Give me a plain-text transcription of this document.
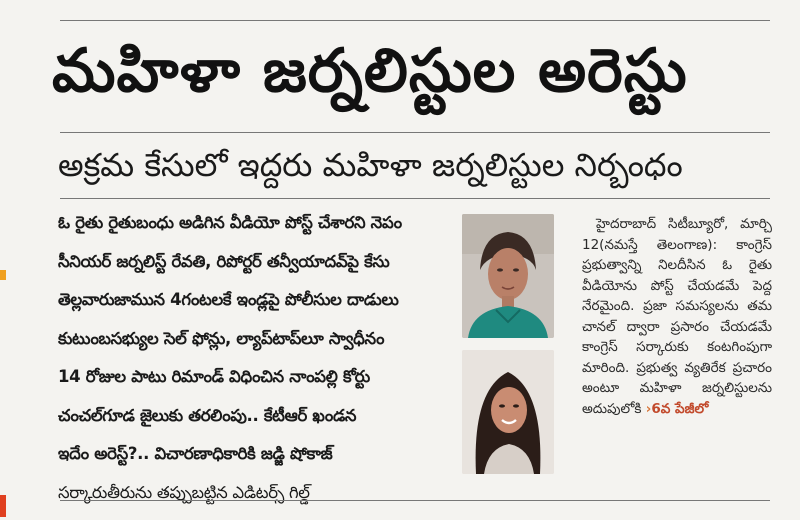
మహిళా జర్నలిస్టుల అరెస్టు
అక్రమ కేసులో ఇద్దరు మహిళా జర్నలిస్టుల నిర్బంధం
ఓ రైతు రైతుబంధు అడిగిన వీడియో పోస్ట్ చేశారని నెపం
సీనియర్ జర్నలిస్ట్ రేవతి, రిపోర్టర్ తన్వీయాదవ్‌పై కేసు
తెల్లవారుజామున 4గంటలకే ఇండ్లపై పోలీసుల దాడులు
కుటుంబసభ్యుల సెల్ ఫోన్లు, ల్యాప్‌టాప్‌లూ స్వాధీనం
14 రోజుల పాటు రిమాండ్ విధించిన నాంపల్లి కోర్టు
చంచల్‌గూడ జైలుకు తరలింపు.. కేటీఆర్ ఖండన
ఇదేం అరెస్ట్?.. విచారణాధికారికి జడ్జి షోకాజ్
సర్కారుతీరును తప్పుబట్టిన ఎడిటర్స్ గిల్డ్
హైదరాబాద్ సిటీబ్యూరో, మార్చి 12(నమస్తే తెలంగాణ): కాంగ్రెస్ ప్రభుత్వాన్ని నిలదీసిన ఓ రైతు వీడియోను పోస్ట్ చేయడమే పెద్ద నేరమైంది. ప్రజా సమస్యలను తమ చానల్ ద్వారా ప్రసారం చేయడమే కాంగ్రెస్ సర్కారుకు కంటగింపుగా మారింది. ప్రభుత్వ వ్యతిరేక ప్రచారం అంటూ మహిళా జర్నలిస్టులను అదుపులోకి ›6వ పేజీలో
